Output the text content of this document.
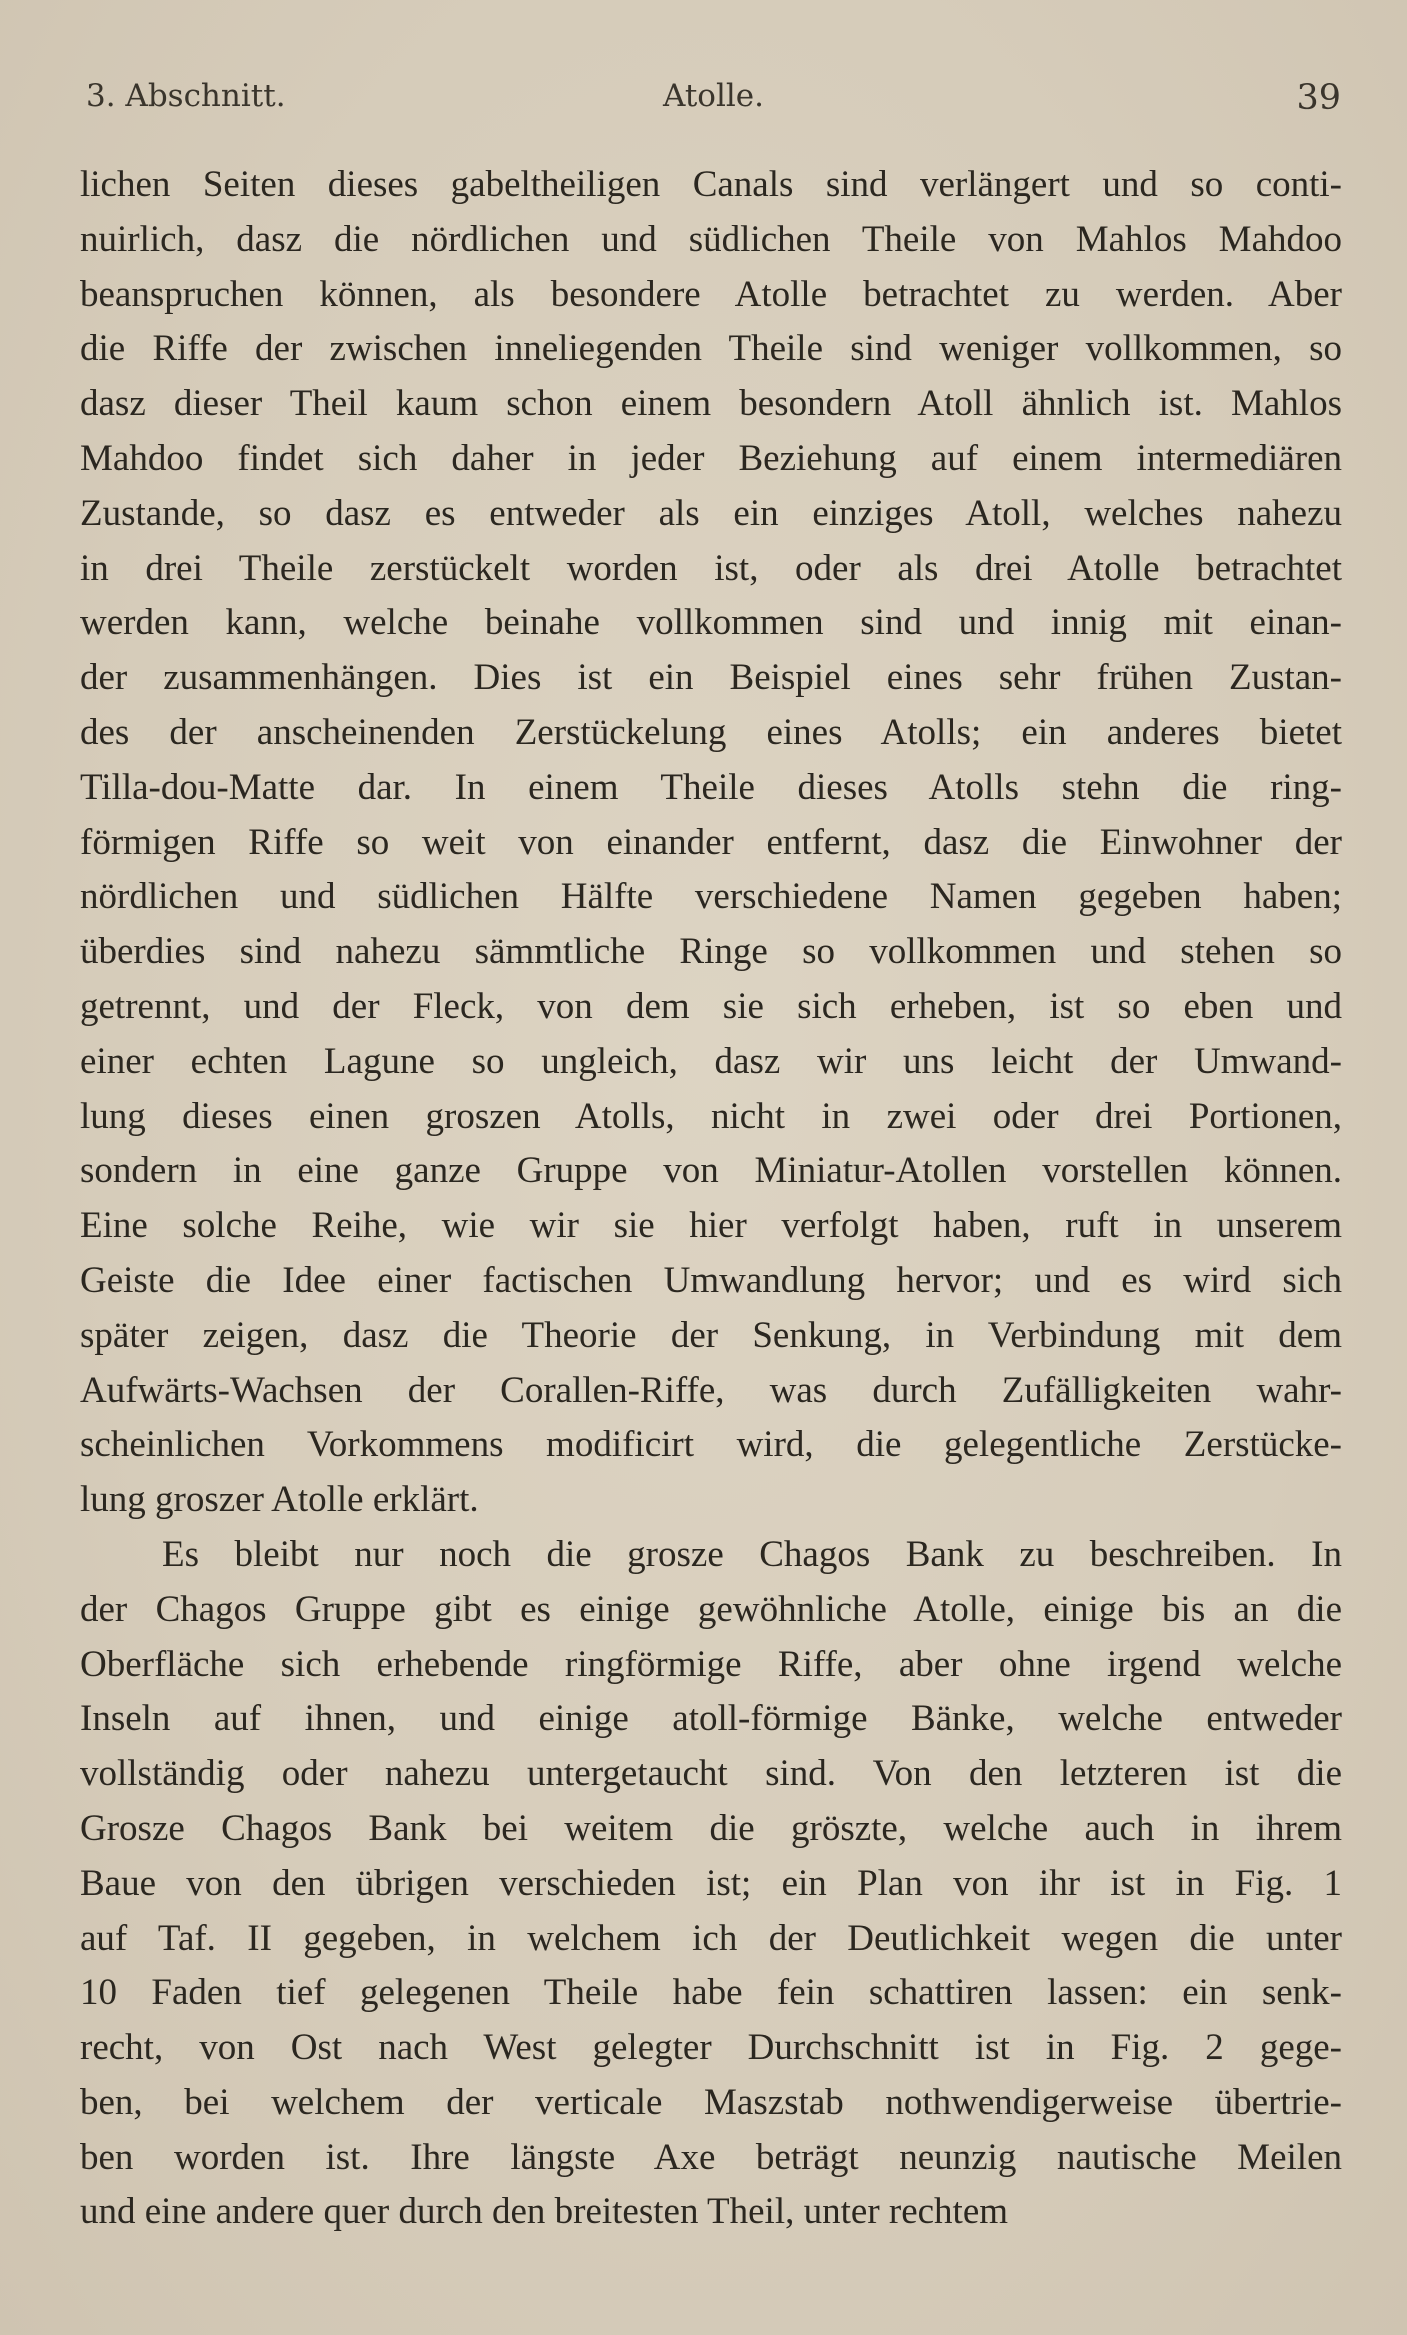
3. Abschnitt.	Atolle.	39
lichen Seiten dieses gabeltheiligen Canals sind verlängert und so conti-
nuirlich, dasz die nördlichen und südlichen Theile von Mahlos Mahdoo
beanspruchen können, als besondere Atolle betrachtet zu werden. Aber
die Riffe der zwischen inneliegenden Theile sind weniger vollkommen, so
dasz dieser Theil kaum schon einem besondern Atoll ähnlich ist. Mahlos
Mahdoo findet sich daher in jeder Beziehung auf einem intermediären
Zustande, so dasz es entweder als ein einziges Atoll, welches nahezu
in drei Theile zerstückelt worden ist, oder als drei Atolle betrachtet
werden kann, welche beinahe vollkommen sind und innig mit einan-
der zusammenhängen. Dies ist ein Beispiel eines sehr frühen Zustan-
des der anscheinenden Zerstückelung eines Atolls; ein anderes bietet
Tilla-dou-Matte dar. In einem Theile dieses Atolls stehn die ring-
förmigen Riffe so weit von einander entfernt, dasz die Einwohner der
nördlichen und südlichen Hälfte verschiedene Namen gegeben haben;
überdies sind nahezu sämmtliche Ringe so vollkommen und stehen so
getrennt, und der Fleck, von dem sie sich erheben, ist so eben und
einer echten Lagune so ungleich, dasz wir uns leicht der Umwand-
lung dieses einen groszen Atolls, nicht in zwei oder drei Portionen,
sondern in eine ganze Gruppe von Miniatur-Atollen vorstellen können.
Eine solche Reihe, wie wir sie hier verfolgt haben, ruft in unserem
Geiste die Idee einer factischen Umwandlung hervor; und es wird sich
später zeigen, dasz die Theorie der Senkung, in Verbindung mit dem
Aufwärts-Wachsen der Corallen-Riffe, was durch Zufälligkeiten wahr-
scheinlichen Vorkommens modificirt wird, die gelegentliche Zerstücke-
lung groszer Atolle erklärt.
Es bleibt nur noch die grosze Chagos Bank zu beschreiben. In
der Chagos Gruppe gibt es einige gewöhnliche Atolle, einige bis an die
Oberfläche sich erhebende ringförmige Riffe, aber ohne irgend welche
Inseln auf ihnen, und einige atoll-förmige Bänke, welche entweder
vollständig oder nahezu untergetaucht sind. Von den letzteren ist die
Grosze Chagos Bank bei weitem die gröszte, welche auch in ihrem
Baue von den übrigen verschieden ist; ein Plan von ihr ist in Fig. 1
auf Taf. II gegeben, in welchem ich der Deutlichkeit wegen die unter
10 Faden tief gelegenen Theile habe fein schattiren lassen: ein senk-
recht, von Ost nach West gelegter Durchschnitt ist in Fig. 2 gege-
ben, bei welchem der verticale Maszstab nothwendigerweise übertrie-
ben worden ist. Ihre längste Axe beträgt neunzig nautische Meilen
und eine andere quer durch den breitesten Theil, unter rechtem
